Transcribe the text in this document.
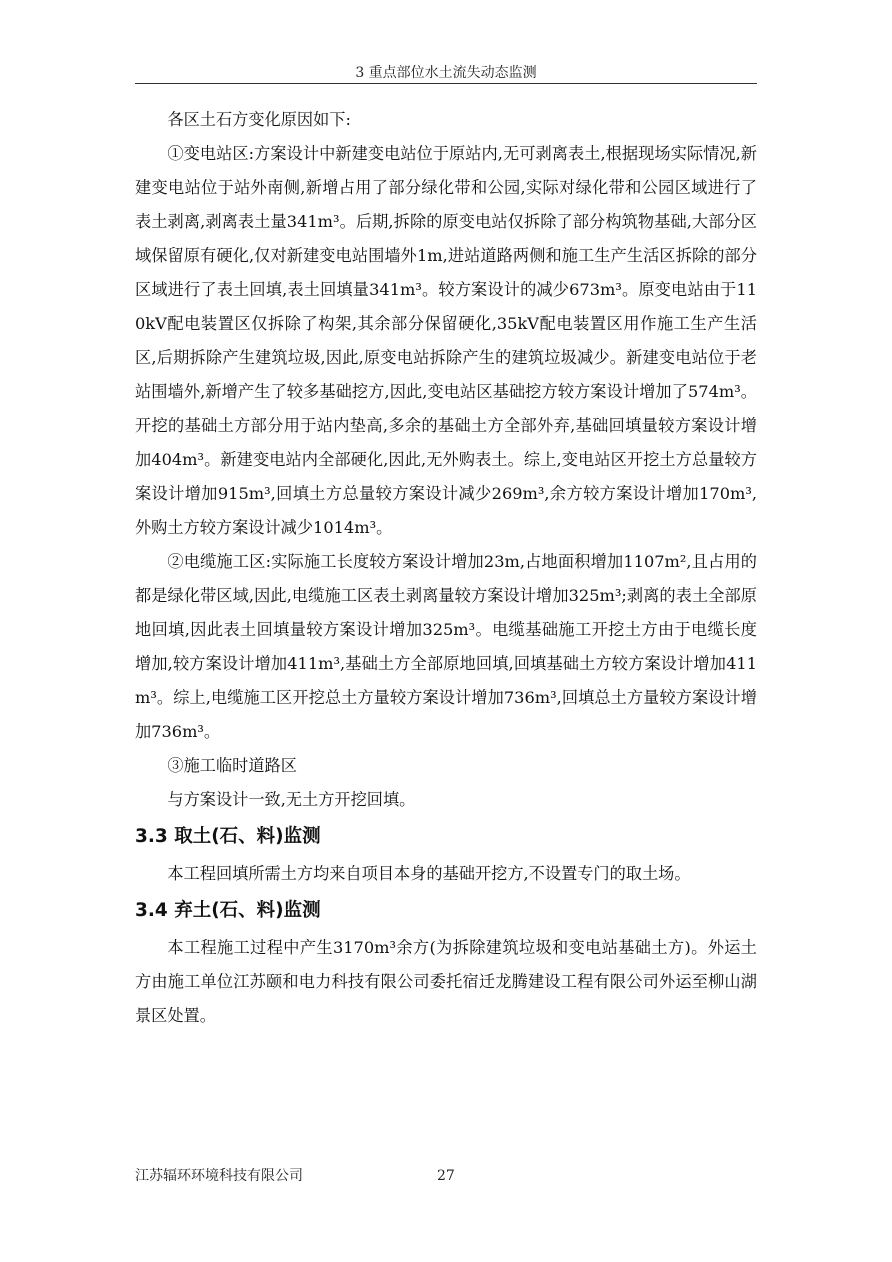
3 重点部位水土流失动态监测

各区土石方变化原因如下:

①变电站区:方案设计中新建变电站位于原站内,无可剥离表土,根据现场实际情况,新建变电站位于站外南侧,新增占用了部分绿化带和公园,实际对绿化带和公园区域进行了表土剥离,剥离表土量341m³。后期,拆除的原变电站仅拆除了部分构筑物基础,大部分区域保留原有硬化,仅对新建变电站围墙外1m,进站道路两侧和施工生产生活区拆除的部分区域进行了表土回填,表土回填量341m³。较方案设计的减少673m³。原变电站由于110kV配电装置区仅拆除了构架,其余部分保留硬化,35kV配电装置区用作施工生产生活区,后期拆除产生建筑垃圾,因此,原变电站拆除产生的建筑垃圾减少。新建变电站位于老站围墙外,新增产生了较多基础挖方,因此,变电站区基础挖方较方案设计增加了574m³。开挖的基础土方部分用于站内垫高,多余的基础土方全部外弃,基础回填量较方案设计增加404m³。新建变电站内全部硬化,因此,无外购表土。综上,变电站区开挖土方总量较方案设计增加915m³,回填土方总量较方案设计减少269m³,余方较方案设计增加170m³,外购土方较方案设计减少1014m³。

②电缆施工区:实际施工长度较方案设计增加23m,占地面积增加1107m²,且占用的都是绿化带区域,因此,电缆施工区表土剥离量较方案设计增加325m³;剥离的表土全部原地回填,因此表土回填量较方案设计增加325m³。电缆基础施工开挖土方由于电缆长度增加,较方案设计增加411m³,基础土方全部原地回填,回填基础土方较方案设计增加411m³。综上,电缆施工区开挖总土方量较方案设计增加736m³,回填总土方量较方案设计增加736m³。

③施工临时道路区

与方案设计一致,无土方开挖回填。

3.3 取土(石、料)监测

本工程回填所需土方均来自项目本身的基础开挖方,不设置专门的取土场。

3.4 弃土(石、料)监测

本工程施工过程中产生3170m³余方(为拆除建筑垃圾和变电站基础土方)。外运土方由施工单位江苏颐和电力科技有限公司委托宿迁龙腾建设工程有限公司外运至柳山湖景区处置。

江苏辐环环境科技有限公司	27
